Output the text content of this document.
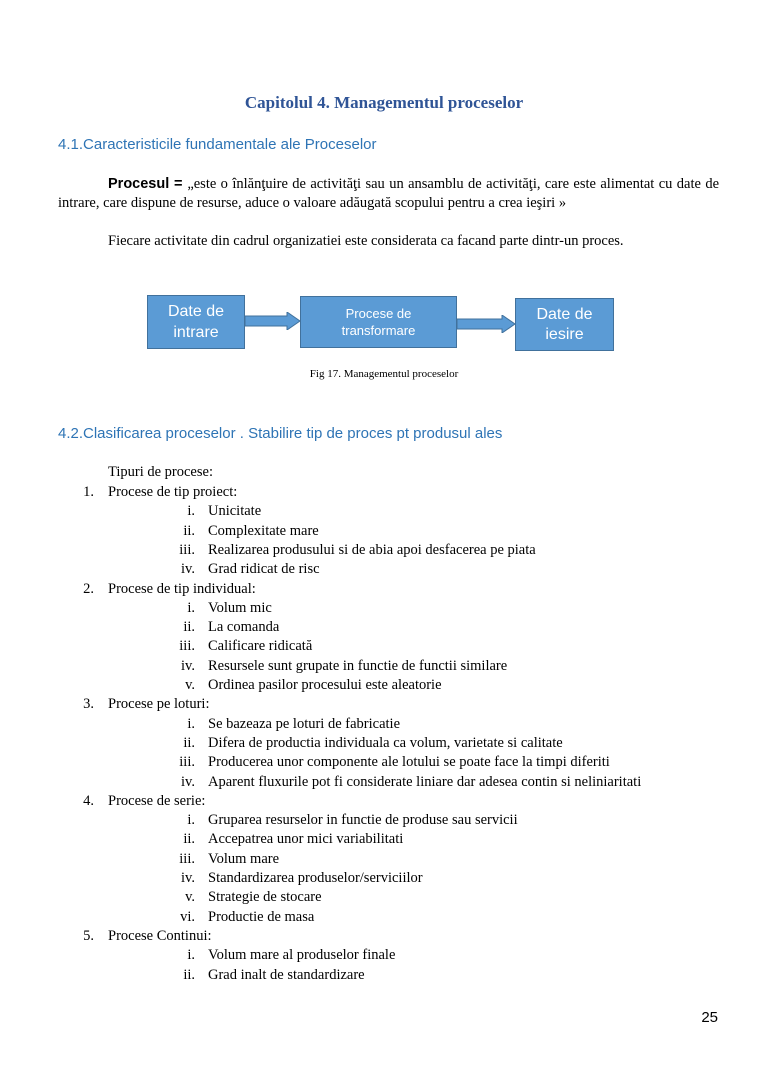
Capitolul 4. Managementul proceselor
4.1.Caracteristicile fundamentale ale Proceselor

Procesul = „este o înlănţuire de activităţi sau un ansamblu de activităţi, care este alimentat cu date de intrare, care dispune de resurse, aduce o valoare adăugată scopului pentru a crea ieşiri »

Fiecare activitate din cadrul organizatiei este considerata ca facand parte dintr-un proces.

Date de
intrare
Procese de
transformare
Date de
iesire
Fig 17. Managementul proceselor
4.2.Clasificarea proceselor . Stabilire tip de proces pt produsul ales
Tipuri de procese:
1. Procese de tip proiect:
i. Unicitate
ii. Complexitate mare
iii. Realizarea produsului si de abia apoi desfacerea pe piata
iv. Grad ridicat de risc
2. Procese de tip individual:
i. Volum mic
ii. La comanda
iii. Calificare ridicată
iv. Resursele sunt grupate in functie de functii similare
v. Ordinea pasilor procesului este aleatorie
3. Procese pe loturi:
i. Se bazeaza pe loturi de fabricatie
ii. Difera de productia individuala ca volum, varietate si calitate
iii. Producerea unor componente ale lotului se poate face la timpi diferiti
iv. Aparent fluxurile pot fi considerate liniare dar adesea contin si neliniaritati
4. Procese de serie:
i. Gruparea resurselor in functie de produse sau servicii
ii. Accepatrea unor mici variabilitati
iii. Volum mare
iv. Standardizarea produselor/serviciilor
v. Strategie de stocare
vi. Productie de masa
5. Procese Continui:
i. Volum mare al produselor finale
ii. Grad inalt de standardizare
25
